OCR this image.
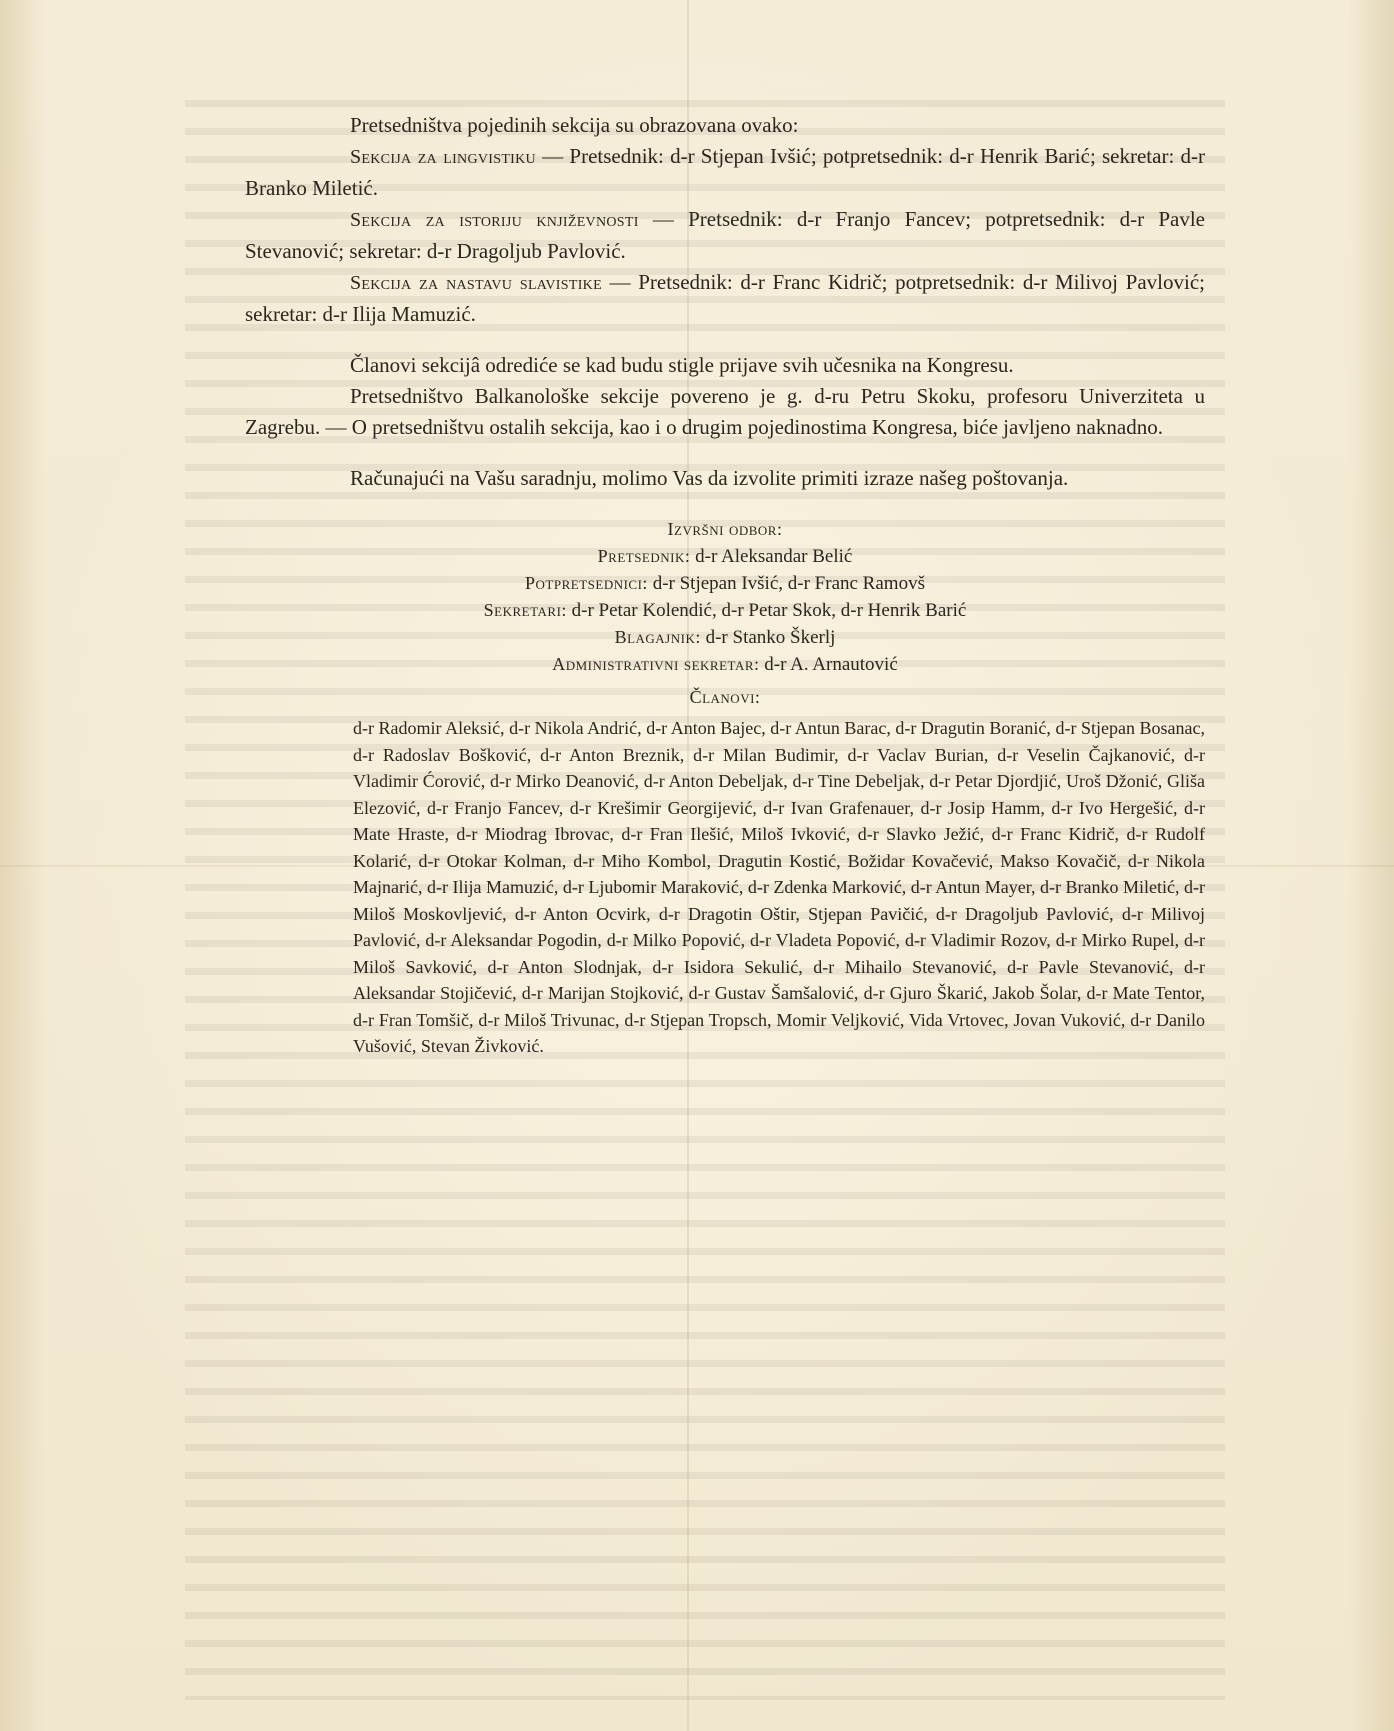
Pretsedništva pojedinih sekcija su obrazovana ovako:

Sekcija za lingvistiku — Pretsednik: d-r Stjepan Ivšić; potpretsednik: d-r Henrik Barić; sekretar: d-r Branko Miletić.

Sekcija za istoriju književnosti — Pretsednik: d-r Franjo Fancev; potpretsednik: d-r Pavle Stevanović; sekretar: d-r Dragoljub Pavlović.

Sekcija za nastavu slavistike — Pretsednik: d-r Franc Kidrič; potpretsednik: d-r Milivoj Pavlović; sekretar: d-r Ilija Mamuzić.

Članovi sekcijâ odrediće se kad budu stigle prijave svih učesnika na Kongresu.

Pretsedništvo Balkanološke sekcije povereno je g. d-ru Petru Skoku, profesoru Univerziteta u Zagrebu. — O pretsedništvu ostalih sekcija, kao i o drugim pojedinostima Kongresa, biće javljeno naknadno.

Računajući na Vašu saradnju, molimo Vas da izvolite primiti izraze našeg poštovanja.

Izvršni odbor:

Pretsednik: d-r Aleksandar Belić

Potpretsednici: d-r Stjepan Ivšić, d-r Franc Ramovš

Sekretari: d-r Petar Kolendić, d-r Petar Skok, d-r Henrik Barić

Blagajnik: d-r Stanko Škerlj

Administrativni sekretar: d-r A. Arnautović

Članovi:

d-r Radomir Aleksić, d-r Nikola Andrić, d-r Anton Bajec, d-r Antun Barac, d-r Dragutin Boranić, d-r Stjepan Bosanac, d-r Radoslav Bošković, d-r Anton Breznik, d-r Milan Budimir, d-r Vaclav Burian, d-r Veselin Čajkanović, d-r Vladimir Ćorović, d-r Mirko Deanović, d-r Anton Debeljak, d-r Tine Debeljak, d-r Petar Djordjić, Uroš Džonić, Gliša Elezović, d-r Franjo Fancev, d-r Krešimir Georgijević, d-r Ivan Grafenauer, d-r Josip Hamm, d-r Ivo Hergešić, d-r Mate Hraste, d-r Miodrag Ibrovac, d-r Fran Ilešić, Miloš Ivković, d-r Slavko Ježić, d-r Franc Kidrič, d-r Rudolf Kolarić, d-r Otokar Kolman, d-r Miho Kombol, Dragutin Kostić, Božidar Kovačević, Makso Kovačič, d-r Nikola Majnarić, d-r Ilija Mamuzić, d-r Ljubomir Maraković, d-r Zdenka Marković, d-r Antun Mayer, d-r Branko Miletić, d-r Miloš Moskovljević, d-r Anton Ocvirk, d-r Dragotin Oštir, Stjepan Pavičić, d-r Dragoljub Pavlović, d-r Milivoj Pavlović, d-r Aleksandar Pogodin, d-r Milko Popović, d-r Vladeta Popović, d-r Vladimir Rozov, d-r Mirko Rupel, d-r Miloš Savković, d-r Anton Slodnjak, d-r Isidora Sekulić, d-r Mihailo Stevanović, d-r Pavle Stevanović, d-r Aleksandar Stojičević, d-r Marijan Stojković, d-r Gustav Šamšalović, d-r Gjuro Škarić, Jakob Šolar, d-r Mate Tentor, d-r Fran Tomšič, d-r Miloš Trivunac, d-r Stjepan Tropsch, Momir Veljković, Vida Vrtovec, Jovan Vuković, d-r Danilo Vušović, Stevan Živković.
